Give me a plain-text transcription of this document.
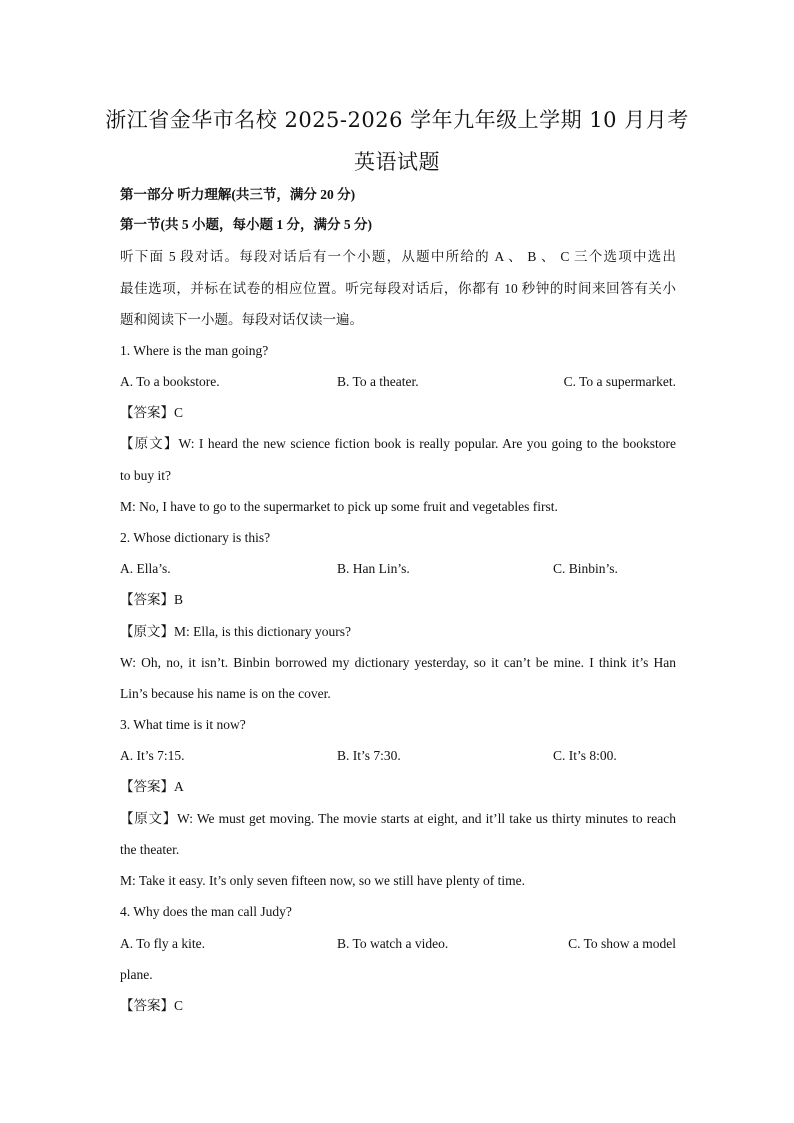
浙江省金华市名校 2025-2026 学年九年级上学期 10 月月考
英语试题
第一部分 听力理解(共三节，满分 20 分)
第一节(共 5 小题，每小题 1 分，满分 5 分)
听下面 5 段对话。每段对话后有一个小题，从题中所给的 A 、 B 、 C 三个选项中选出
最佳选项，并标在试卷的相应位置。听完每段对话后，你都有 10 秒钟的时间来回答有关小
题和阅读下一小题。每段对话仅读一遍。
1. Where is the man going?
A. To a bookstore.	B. To a theater.	C. To a supermarket.
【答案】C
【原文】W: I heard the new science fiction book is really popular. Are you going to the bookstore
to buy it?
M: No, I have to go to the supermarket to pick up some fruit and vegetables first.
2. Whose dictionary is this?
A. Ella’s.	B. Han Lin’s.	C. Binbin’s.
【答案】B
【原文】M: Ella, is this dictionary yours?
W: Oh, no, it isn’t. Binbin borrowed my dictionary yesterday, so it can’t be mine. I think it’s Han
Lin’s because his name is on the cover.
3. What time is it now?
A. It’s 7:15.	B. It’s 7:30.	C. It’s 8:00.
【答案】A
【原文】W: We must get moving. The movie starts at eight, and it’ll take us thirty minutes to reach
the theater.
M: Take it easy. It’s only seven fifteen now, so we still have plenty of time.
4. Why does the man call Judy?
A. To fly a kite.	B. To watch a video.	C. To show a model
plane.
【答案】C
